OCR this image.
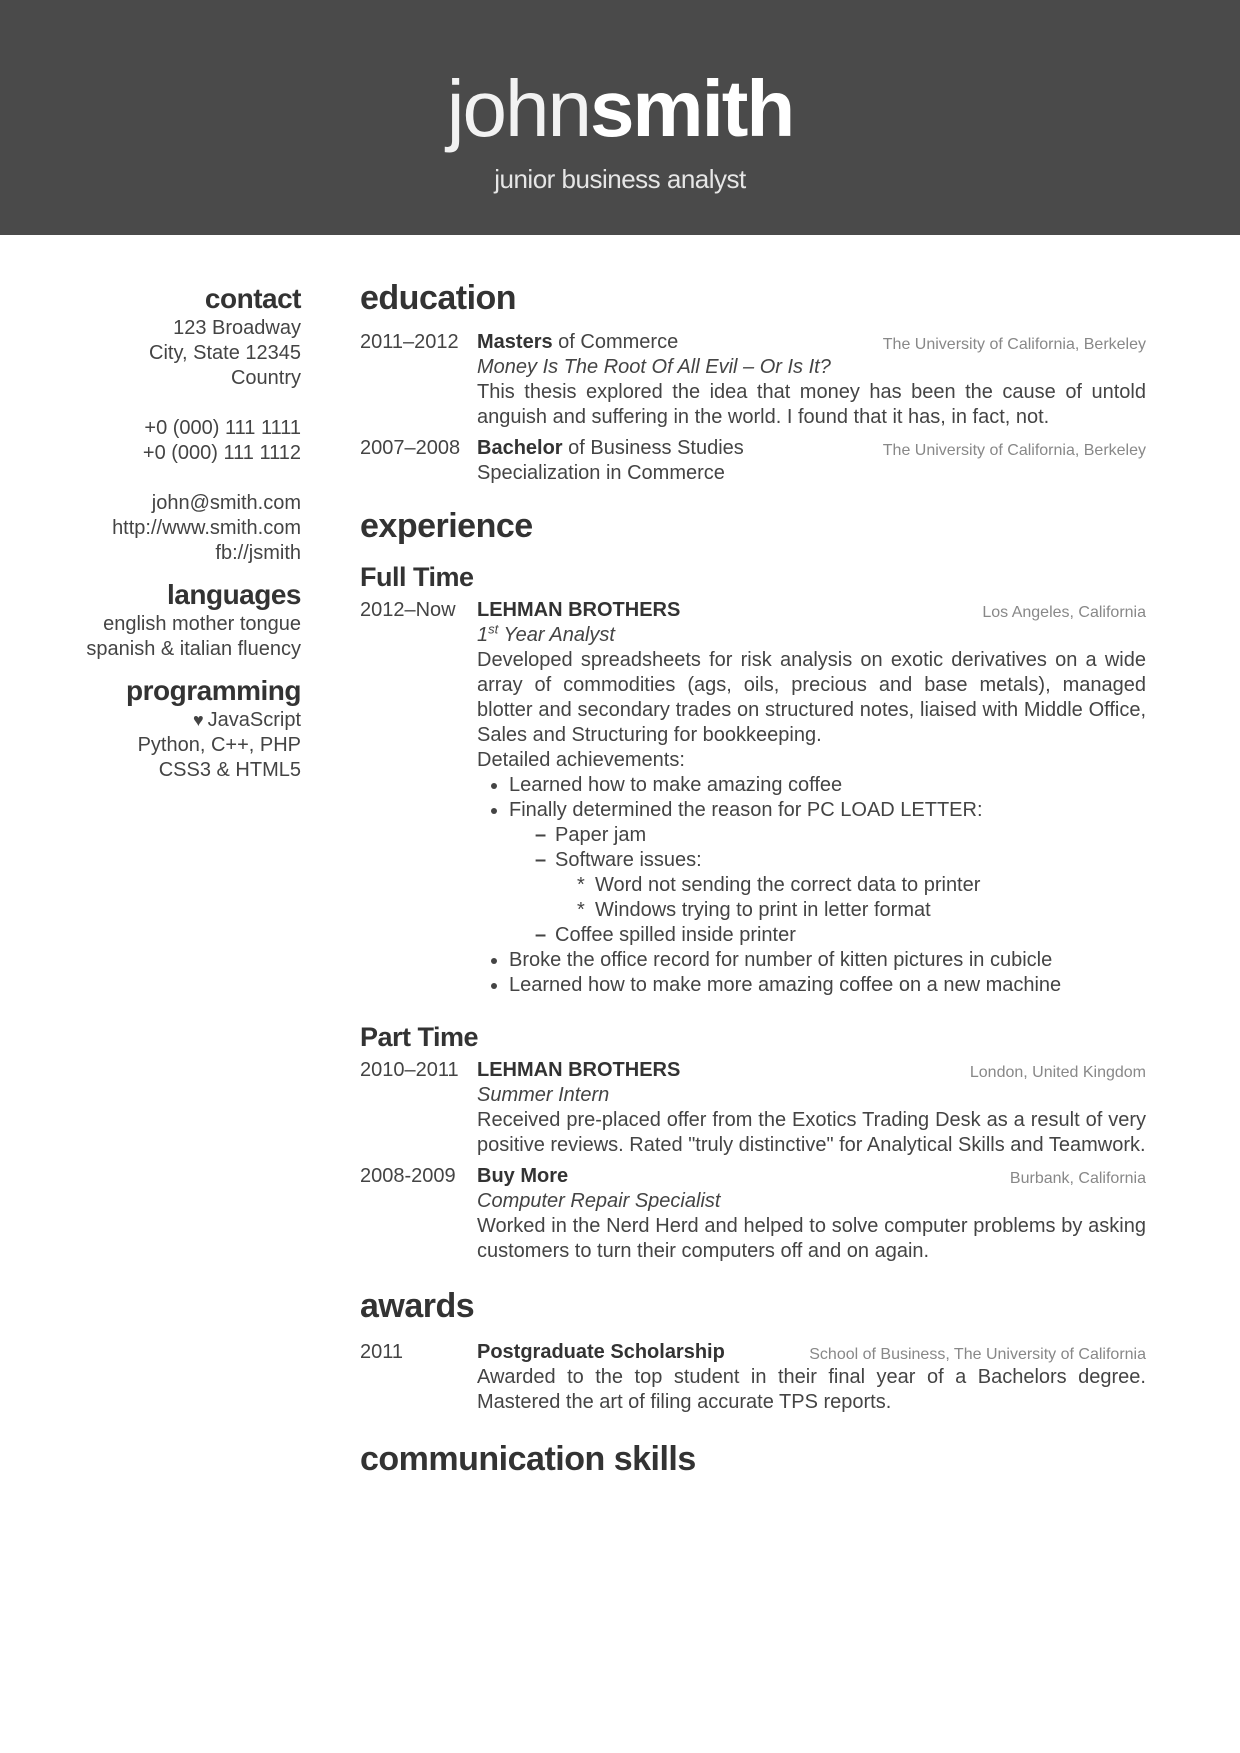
johnsmith
junior business analyst
contact
123 Broadway
City, State 12345
Country
+0 (000) 111 1111
+0 (000) 111 1112
john@smith.com
http://www.smith.com
fb://jsmith
languages
english mother tongue
spanish & italian fluency
programming
♥ JavaScript
Python, C++, PHP
CSS3 & HTML5
education
2011–2012 Masters of Commerce	The University of California, Berkeley
Money Is The Root Of All Evil – Or Is It?
This thesis explored the idea that money has been the cause of untold anguish and suffering in the world. I found that it has, in fact, not.
2007–2008 Bachelor of Business Studies	The University of California, Berkeley
Specialization in Commerce
experience
Full Time
2012–Now LEHMAN BROTHERS	Los Angeles, California
1st Year Analyst
Developed spreadsheets for risk analysis on exotic derivatives on a wide array of commodities (ags, oils, precious and base metals), managed blotter and secondary trades on structured notes, liaised with Middle Office, Sales and Structuring for bookkeeping.
Detailed achievements:
• Learned how to make amazing coffee
• Finally determined the reason for PC LOAD LETTER:
– Paper jam
– Software issues:
* Word not sending the correct data to printer
* Windows trying to print in letter format
– Coffee spilled inside printer
• Broke the office record for number of kitten pictures in cubicle
• Learned how to make more amazing coffee on a new machine
Part Time
2010–2011 LEHMAN BROTHERS	London, United Kingdom
Summer Intern
Received pre-placed offer from the Exotics Trading Desk as a result of very positive reviews. Rated "truly distinctive" for Analytical Skills and Teamwork.
2008-2009 Buy More	Burbank, California
Computer Repair Specialist
Worked in the Nerd Herd and helped to solve computer problems by asking customers to turn their computers off and on again.
awards
2011	Postgraduate Scholarship	School of Business, The University of California
Awarded to the top student in their final year of a Bachelors degree. Mastered the art of filing accurate TPS reports.
communication skills
